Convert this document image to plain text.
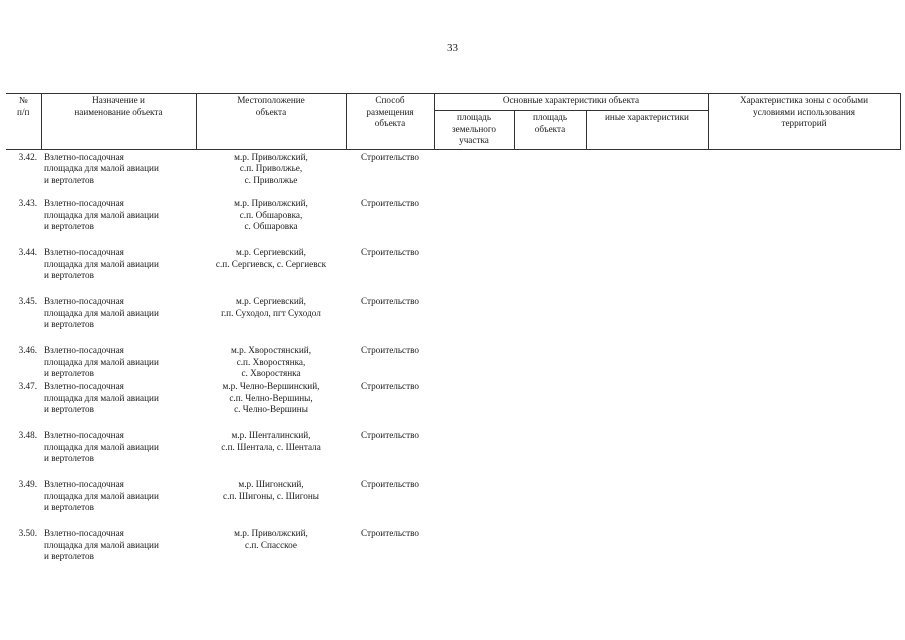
33
№
п/п	Назначение и
наименование объекта	Местоположение
объекта	Способ
размещения
объекта	Основные характеристики объекта			Характеристика зоны с особыми
условиями использования
территорий

				площадь
земельного
участка	площадь
объекта	иные характеристики	
3.42.	Взлетно-посадочная
площадка для малой авиации
и вертолетов	м.р. Приволжский,
с.п. Приволжье,
с. Приволжье	Строительство				
3.43.	Взлетно-посадочная
площадка для малой авиации
и вертолетов	м.р. Приволжский,
с.п. Обшаровка,
с. Обшаровка	Строительство				
3.44.	Взлетно-посадочная
площадка для малой авиации
и вертолетов	м.р. Сергиевский,
с.п. Сергиевск, с. Сергиевск	Строительство				
3.45.	Взлетно-посадочная
площадка для малой авиации
и вертолетов	м.р. Сергиевский,
г.п. Суходол, пгт Суходол	Строительство				
3.46.	Взлетно-посадочная
площадка для малой авиации
и вертолетов	м.р. Хворостянский,
с.п. Хворостянка,
с. Хворостянка	Строительство				
3.47.	Взлетно-посадочная
площадка для малой авиации
и вертолетов	м.р. Челно-Вершинский,
с.п. Челно-Вершины,
с. Челно-Вершины	Строительство				
3.48.	Взлетно-посадочная
площадка для малой авиации
и вертолетов	м.р. Шенталинский,
с.п. Шентала, с. Шентала	Строительство				
3.49.	Взлетно-посадочная
площадка для малой авиации
и вертолетов	м.р. Шигонский,
с.п. Шигоны, с. Шигоны	Строительство				
3.50.	Взлетно-посадочная
площадка для малой авиации
и вертолетов	м.р. Приволжский,
с.п. Спасское	Строительство				
